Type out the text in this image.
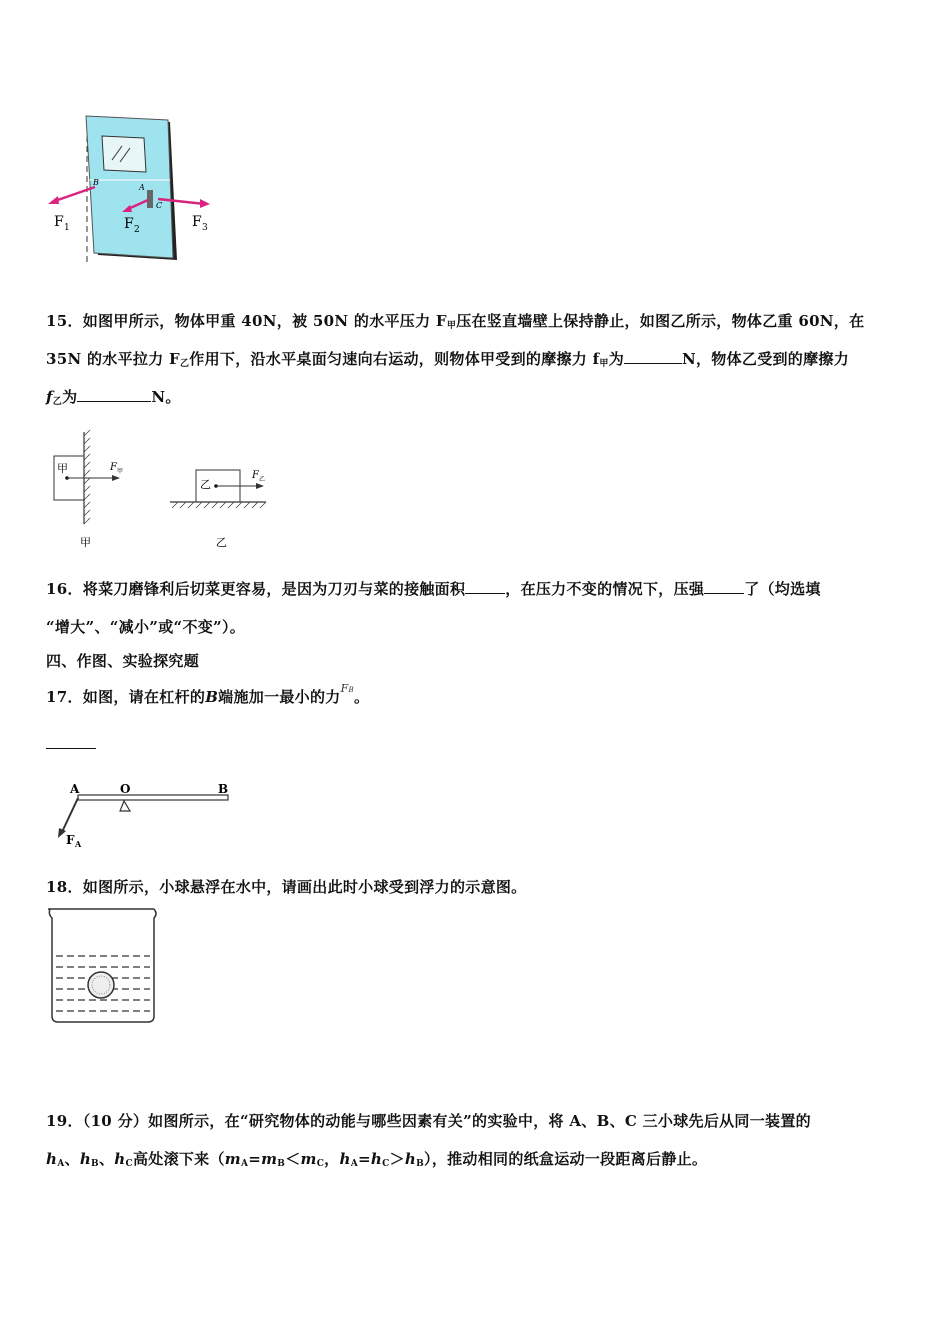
B
A
C
F 1	F 2	F 3
15．如图甲所示，物体甲重 40N，被 50N 的水平压力 $F_甲$压在竖直墙壁上保持静止，如图乙所示，物体乙重 60N，在
35N 的水平拉力 $F_乙$作用下，沿水平桌面匀速向右运动，则物体甲受到的摩擦力 $f_甲$为	N，物体乙受到的摩擦力
$f_乙$为	N。
甲	F 甲
甲
乙
F 乙
乙
16．将菜刀磨锋利后切菜更容易，是因为刀刃与菜的接触面积	，在压力不变的情况下，压强	了（均选填
“增大”、“减小”或“不变”）。
四、作图、实验探究题
17．如图，请在杠杆的B端施加一最小的力FB。
A	O	B
F A
18．如图所示，小球悬浮在水中，请画出此时小球受到浮力的示意图。
19．（10 分）如图所示，在“研究物体的动能与哪些因素有关”的实验中，将 A、B、C 三小球先后从同一装置的
$h_A$、$h_B$、$h_C$高处滚下来（$m_A=m_B<m_C$，$h_A=h_C>h_B$），推动相同的纸盒运动一段距离后静止。
